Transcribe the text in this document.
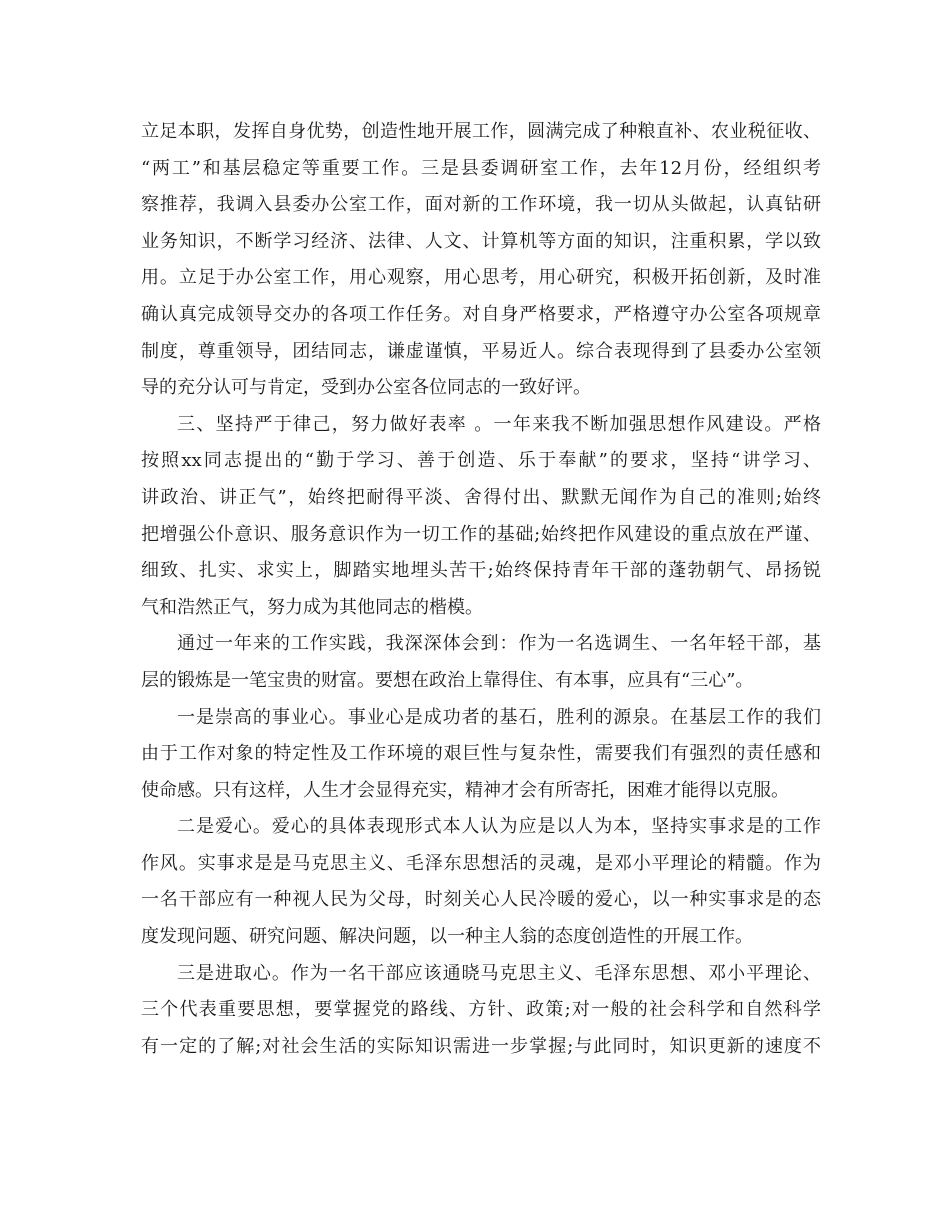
立足本职，发挥自身优势，创造性地开展工作，圆满完成了种粮直补、农业税征收、
“两工”和基层稳定等重要工作。三是县委调研室工作，去年12月份，经组织考
察推荐，我调入县委办公室工作，面对新的工作环境，我一切从头做起，认真钻研
业务知识，不断学习经济、法律、人文、计算机等方面的知识，注重积累，学以致
用。立足于办公室工作，用心观察，用心思考，用心研究，积极开拓创新，及时准
确认真完成领导交办的各项工作任务。对自身严格要求，严格遵守办公室各项规章
制度，尊重领导，团结同志，谦虚谨慎，平易近人。综合表现得到了县委办公室领
导的充分认可与肯定，受到办公室各位同志的一致好评。
三、坚持严于律己，努力做好表率 。一年来我不断加强思想作风建设。严格
按照xx同志提出的“勤于学习、善于创造、乐于奉献”的要求，坚持“讲学习、
讲政治、讲正气”，始终把耐得平淡、舍得付出、默默无闻作为自己的准则;始终
把增强公仆意识、服务意识作为一切工作的基础;始终把作风建设的重点放在严谨、
细致、扎实、求实上，脚踏实地埋头苦干;始终保持青年干部的蓬勃朝气、昂扬锐
气和浩然正气，努力成为其他同志的楷模。
通过一年来的工作实践，我深深体会到：作为一名选调生、一名年轻干部，基
层的锻炼是一笔宝贵的财富。要想在政治上靠得住、有本事，应具有“三心”。
一是崇高的事业心。事业心是成功者的基石，胜利的源泉。在基层工作的我们
由于工作对象的特定性及工作环境的艰巨性与复杂性，需要我们有强烈的责任感和
使命感。只有这样，人生才会显得充实，精神才会有所寄托，困难才能得以克服。
二是爱心。爱心的具体表现形式本人认为应是以人为本，坚持实事求是的工作
作风。实事求是是马克思主义、毛泽东思想活的灵魂，是邓小平理论的精髓。作为
一名干部应有一种视人民为父母，时刻关心人民冷暖的爱心，以一种实事求是的态
度发现问题、研究问题、解决问题，以一种主人翁的态度创造性的开展工作。
三是进取心。作为一名干部应该通晓马克思主义、毛泽东思想、邓小平理论、
三个代表重要思想，要掌握党的路线、方针、政策;对一般的社会科学和自然科学
有一定的了解;对社会生活的实际知识需进一步掌握;与此同时，知识更新的速度不
